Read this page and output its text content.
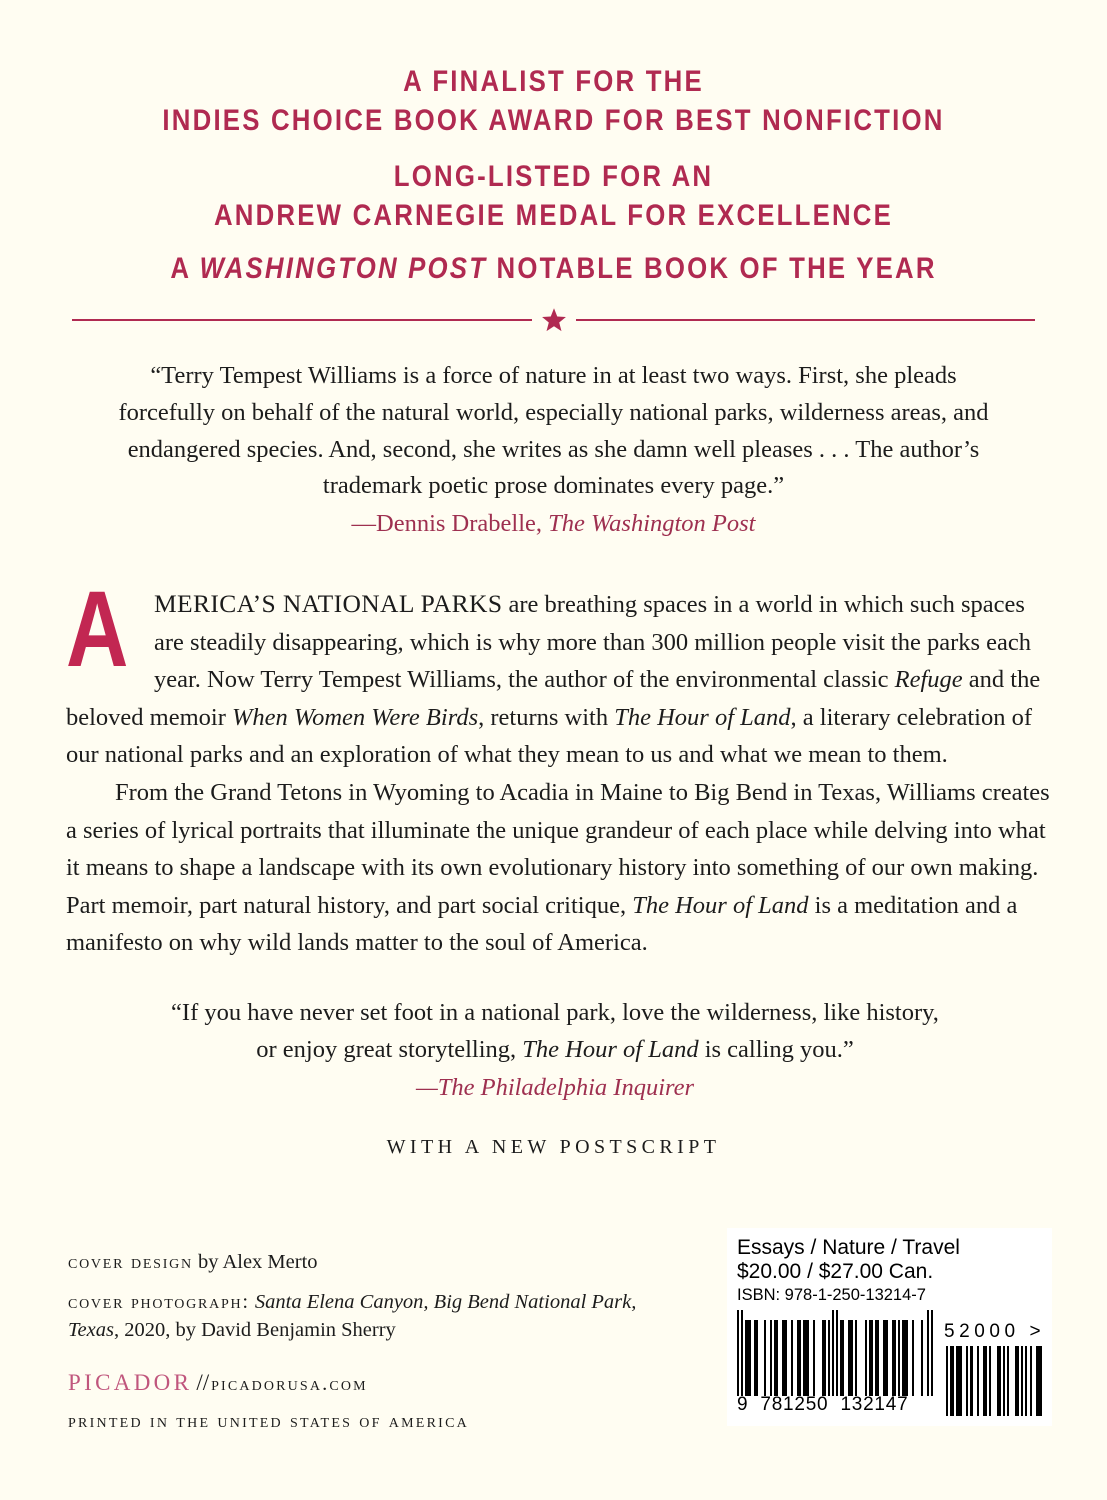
A FINALIST FOR THE
INDIES CHOICE BOOK AWARD FOR BEST NONFICTION
LONG-LISTED FOR AN
ANDREW CARNEGIE MEDAL FOR EXCELLENCE
A WASHINGTON POST NOTABLE BOOK OF THE YEAR
“Terry Tempest Williams is a force of nature in at least two ways. First, she pleads forcefully on behalf of the natural world, especially national parks, wilderness areas, and endangered species. And, second, she writes as she damn well pleases . . . The author’s trademark poetic prose dominates every page.”
—Dennis Drabelle, The Washington Post

A MERICA’S NATIONAL PARKS are breathing spaces in a world in which such spaces are steadily disappearing, which is why more than 300 million people visit the parks each year. Now Terry Tempest Williams, the author of the environmental classic Refuge and the beloved memoir When Women Were Birds, returns with The Hour of Land, a literary celebration of our national parks and an exploration of what they mean to us and what we mean to them.

From the Grand Tetons in Wyoming to Acadia in Maine to Big Bend in Texas, Williams creates a series of lyrical portraits that illuminate the unique grandeur of each place while delving into what it means to shape a landscape with its own evolutionary history into something of our own making. Part memoir, part natural history, and part social critique, The Hour of Land is a meditation and a manifesto on why wild lands matter to the soul of America.

“If you have never set foot in a national park, love the wilderness, like history, or enjoy great storytelling, The Hour of Land is calling you.”
—The Philadelphia Inquirer
WITH A NEW POSTSCRIPT
cover design by Alex Merto
cover photograph: Santa Elena Canyon, Big Bend National Park, Texas, 2020, by David Benjamin Sherry
PICADOR //picadorusa.com
printed in the united states of america
Essays / Nature / Travel
$20.00 / $27.00 Can.
ISBN: 978-1-250-13214-7
9 781250 132147
52000 >
